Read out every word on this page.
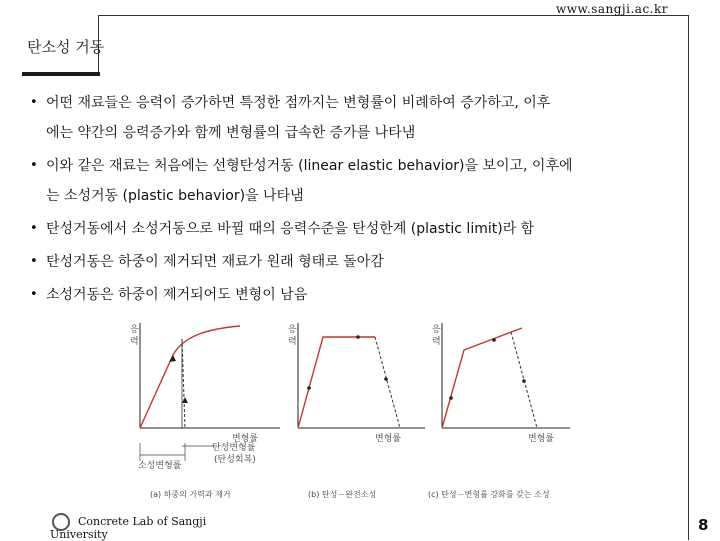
www.sangji.ac.kr
탄소성 거동
• 어떤 재료들은 응력이 증가하면 특정한 점까지는 변형률이 비례하여 증가하고, 이후
에는 약간의 응력증가와 함께 변형률의 급속한 증가를 나타냄
• 이와 같은 재료는 처음에는 선형탄성거동 (linear elastic behavior)을 보이고, 이후에
는 소성거동 (plastic behavior)을 나타냄
• 탄성거동에서 소성거동으로 바뀔 때의 응력수준을 탄성한계 (plastic limit)라 함
• 탄성거동은 하중이 제거되면 재료가 원래 형태로 돌아감
• 소성거동은 하중이 제거되어도 변형이 남음
응
력
변형률
소성변형률
탄성변형률
(탄성회복)
(a) 하중의 가력과 제거
응
력
변형률
(b) 탄성－완전소성
응
력
변형률
(c) 탄성－변형률 강화를 갖는 소성
Concrete Lab of Sangji
University
8
